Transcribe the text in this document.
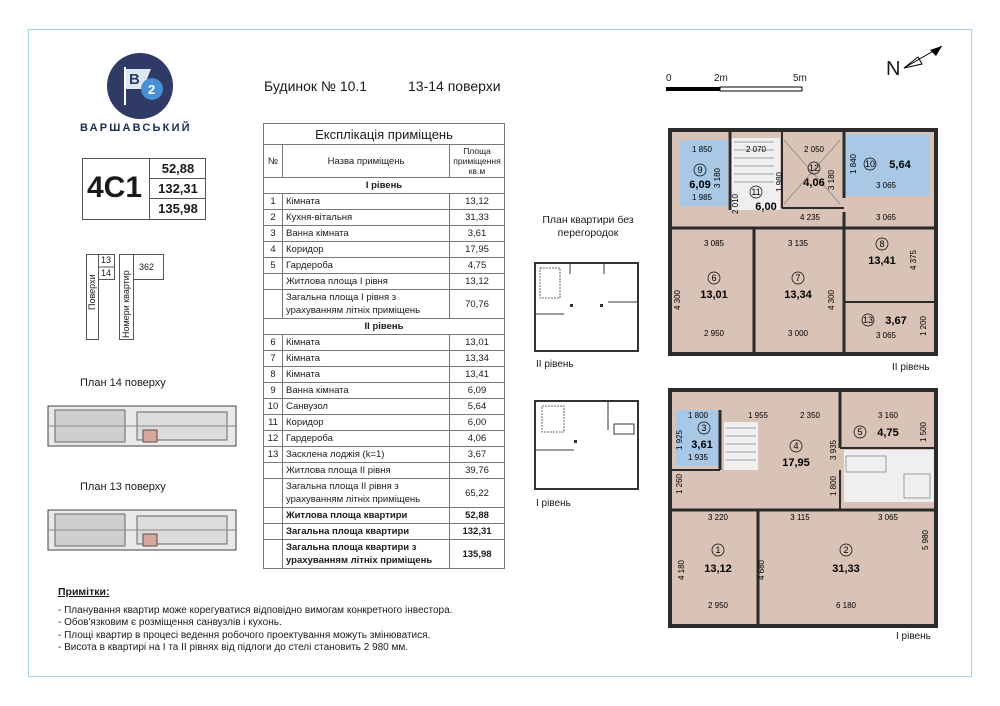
B
2
ВАРШАВСЬКИЙ
4С1
52,88
132,31
135,98
Поверхи
13
14 Номери квартир
362
Будинок № 10.1	13-14 поверхи	0	2m	5m	N
Експлікація приміщень		
№	Назва приміщень	Площа приміщення кв.м
І рівень		
1	Кімната	13,12
2	Кухня-вітальня	31,33
3	Ванна кімната	3,61
4	Коридор	17,95
5	Гардероба	4,75
	Житлова площа І рівня	13,12
	Загальна площа І рівня з урахуванням літніх приміщень	70,76
ІІ рівень		
6	Кімната	13,01
7	Кімната	13,34
8	Кімната	13,41
9	Ванна кімната	6,09
10	Санвузол	5,64
11	Коридор	6,00
12	Гардероба	4,06
13	Засклена лоджія (k=1)	3,67
	Житлова площа ІІ рівня	39,76
	Загальна площа ІІ рівня з урахуванням літніх приміщень	65,22
	Житлова площа квартири	52,88
	Загальна площа квартири	132,31
	Загальна площа квартири з урахуванням літніх приміщень	135,98
План квартири без перегородок
ІІ рівень
І рівень
План 14 поверху
План 13 поверху
Примітки:
- Планування квартир може корегуватися відповідно вимогам конкретного інвестора.
- Обов'язковим є розміщення санвузлів і кухонь.
- Площі квартир в процесі ведення робочого проектування можуть змінюватися.
- Висота в квартирі на І та ІІ рівнях від підлоги до стелі становить 2 980 мм.
9
6,09
10 5,64
11
6,00
12
4,06
6
13,01
7
13,34
8
13,41
13 3,67
1 850	2 070	2 050
1 840
3 180
1 985 2 010
1 980
4 235
3 180	3 065
3 065
3 085	3 135
4 375
4 300	4 300
2 950	3 000	3 065	1 200
ІІ рівень
3
3,61	4
17,95
5 4,75
1
13,12
2
31,33
1 800	1 955	2 350	3 160
1 925	1 500
1 935	3 935
1 260	1 800
3 220	3 115	3 065
4 180	4 680
5 980
2 950	6 180
І рівень
